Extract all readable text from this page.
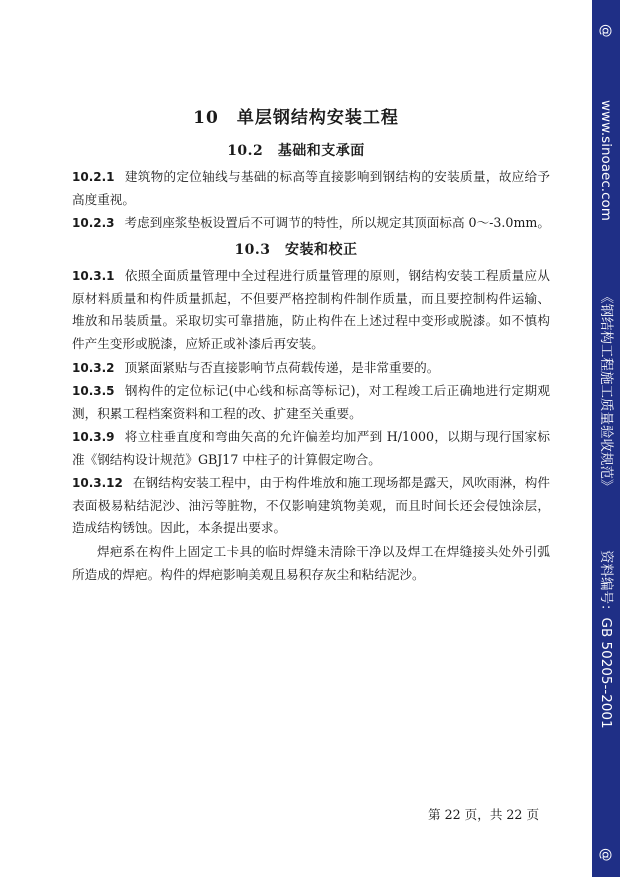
10　单层钢结构安装工程
10.2　基础和支承面
10.2.1 建筑物的定位轴线与基础的标高等直接影响到钢结构的安装质量，故应给予高度重视。
10.2.3 考虑到座浆垫板设置后不可调节的特性，所以规定其顶面标高 0～-3.0mm。
10.3　安装和校正
10.3.1 依照全面质量管理中全过程进行质量管理的原则，钢结构安装工程质量应从原材料质量和构件质量抓起，不但要严格控制构件制作质量，而且要控制构件运输、堆放和吊装质量。采取切实可靠措施，防止构件在上述过程中变形或脱漆。如不慎构件产生变形或脱漆，应矫正或补漆后再安装。
10.3.2 顶紧面紧贴与否直接影响节点荷载传递，是非常重要的。
10.3.5 钢构件的定位标记(中心线和标高等标记)，对工程竣工后正确地进行定期观测，积累工程档案资料和工程的改、扩建至关重要。
10.3.9 将立柱垂直度和弯曲矢高的允许偏差均加严到 H/1000，以期与现行国家标准《钢结构设计规范》GBJ17 中柱子的计算假定吻合。
10.3.12 在钢结构安装工程中，由于构件堆放和施工现场都是露天，风吹雨淋，构件表面极易粘结泥沙、油污等脏物，不仅影响建筑物美观，而且时间长还会侵蚀涂层，造成结构锈蚀。因此，本条提出要求。
焊疤系在构件上固定工卡具的临时焊缝未清除干净以及焊工在焊缝接头处外引弧所造成的焊疤。构件的焊疤影响美观且易积存灰尘和粘结泥沙。
第 22 页，共 22 页
@
www.sinoaec.com
《钢结构工程施工质量验收规范》
资料编号：GB 50205--2001
@
